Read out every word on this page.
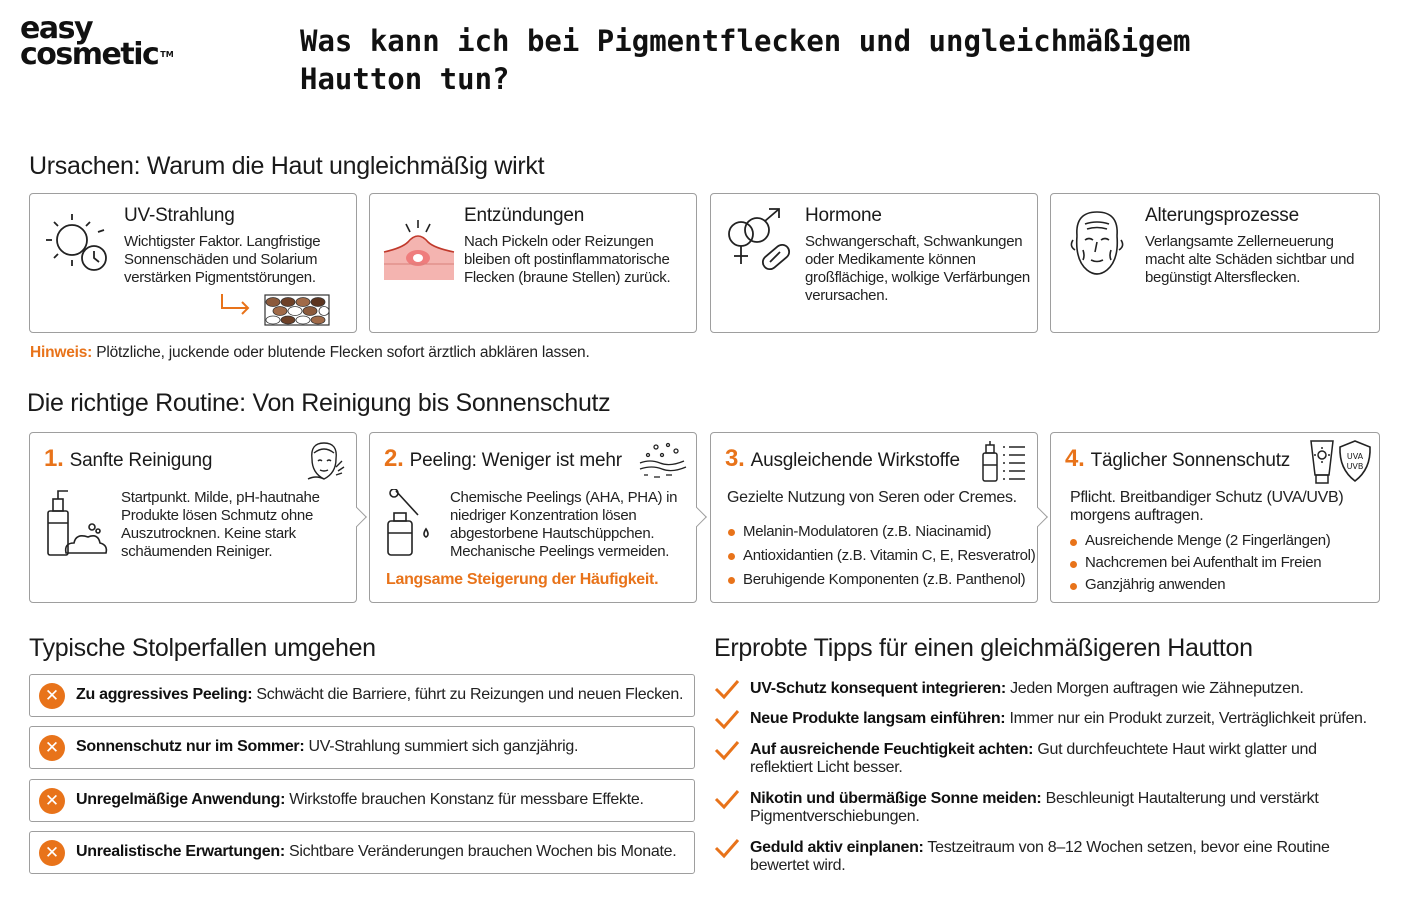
easy
cosmetic ™	Was kann ich bei Pigmentflecken und ungleichmäßigem Hautton tun?
Ursachen: Warum die Haut ungleichmäßig wirkt
UV-Strahlung
Wichtigster Faktor. Langfristige Sonnenschäden und Solarium verstärken Pigmentstörungen.
Entzündungen
Nach Pickeln oder Reizungen bleiben oft postinflammatorische Flecken (braune Stellen) zurück.
Hormone
Schwangerschaft, Schwankungen oder Medikamente können großflächige, wolkige Verfärbungen verursachen.
Alterungsprozesse
Verlangsamte Zellerneuerung macht alte Schäden sichtbar und begünstigt Altersflecken.
Hinweis: Plötzliche, juckende oder blutende Flecken sofort ärztlich abklären lassen.
Die richtige Routine: Von Reinigung bis Sonnenschutz
1. Sanfte Reinigung
Startpunkt. Milde, pH-hautnahe Produkte lösen Schmutz ohne Auszutrocknen. Keine stark schäumenden Reiniger.
2. Peeling: Weniger ist mehr
Chemische Peelings (AHA, PHA) in niedriger Konzentration lösen abgestorbene Hautschüppchen. Mechanische Peelings vermeiden.
Langsame Steigerung der Häufigkeit.
3. Ausgleichende Wirkstoffe
Gezielte Nutzung von Seren oder Cremes.
Melanin-Modulatoren (z.B. Niacinamid)
Antioxidantien (z.B. Vitamin C, E, Resveratrol)
Beruhigende Komponenten (z.B. Panthenol)
4. Täglicher Sonnenschutz	UVA
UVB
Pflicht. Breitbandiger Schutz (UVA/UVB) morgens auftragen.
Ausreichende Menge (2 Fingerlängen)
Nachcremen bei Aufenthalt im Freien
Ganzjährig anwenden
Typische Stolperfallen umgehen
✕	Zu aggressives Peeling: Schwächt die Barriere, führt zu Reizungen und neuen Flecken.
✕	Sonnenschutz nur im Sommer: UV-Strahlung summiert sich ganzjährig.
✕	Unregelmäßige Anwendung: Wirkstoffe brauchen Konstanz für messbare Effekte.
✕	Unrealistische Erwartungen: Sichtbare Veränderungen brauchen Wochen bis Monate.
Erprobte Tipps für einen gleichmäßigeren Hautton
UV-Schutz konsequent integrieren: Jeden Morgen auftragen wie Zähneputzen.
Neue Produkte langsam einführen: Immer nur ein Produkt zurzeit, Verträglichkeit prüfen.
Auf ausreichende Feuchtigkeit achten: Gut durchfeuchtete Haut wirkt glatter und reflektiert Licht besser.
Nikotin und übermäßige Sonne meiden: Beschleunigt Hautalterung und verstärkt Pigmentverschiebungen.
Geduld aktiv einplanen: Testzeitraum von 8–12 Wochen setzen, bevor eine Routine bewertet wird.
